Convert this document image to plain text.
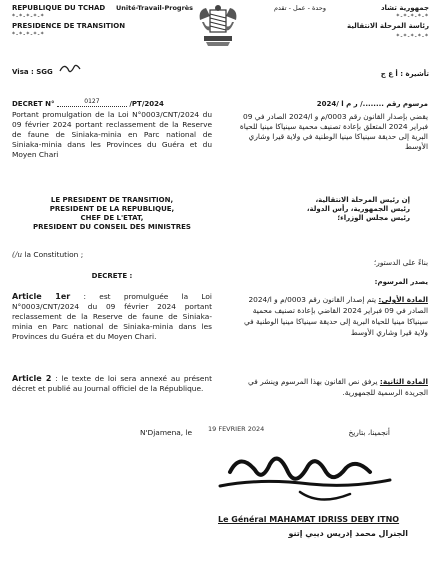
REPUBLIQUE DU TCHAD
*-*-*-*-*
PRESIDENCE DE TRANSITION
*-*-*-*-*
Unité-Travail-Progrès	وحدة - عمل - تقدم	جمهورية تشاد
*-*-*-*-*
رئاسة المرحلة الانتقالية
*-*-*-*-*
Visa : SGG	تأشيرة : أ ع ج
DECRET N°	0127	/PT/2024
Portant promulgation de la Loi N°0003/CNT/2024 du 09 février 2024 portant reclassement de la Reserve de faune de Siniaka-minia en Parc national de Siniaka-minia dans les Provinces du Guéra et du Moyen Chari
مرسوم رقم ......../ ر م ا /2024
يقضي بإصدار القانون رقم 0003/م و ا/2024 الصادر في 09 فبراير 2024 المتعلق بإعادة تصنيف محمية سينياكا مينيا للحياة البرية إلى حديقة سينياكا مينيا الوطنية في ولاية قيرا وشاري الأوسط
LE PRESIDENT DE TRANSITION,
PRESIDENT DE LA REPUBLIQUE,
CHEF DE L'ETAT,
PRESIDENT DU CONSEIL DES MINISTRES
إن رئيس المرحلة الانتقالية،
رئيس الجمهورية، رأس الدولة،
رئيس مجلس الوزراء؛
(/u la Constitution ;
بناءً على الدستور؛
DECRETE :
يصدر المرسوم:
Article 1er : est promulguée la Loi N°0003/CNT/2024 du 09 février 2024 portant reclassement de la Reserve de faune de Siniaka-minia en Parc national de Siniaka-minia dans les Provinces du Guéra et du Moyen Chari.
المادة الأولى: يتم إصدار القانون رقم 0003/م و ا/2024 الصادر في 09 فبراير 2024 القاضي بإعادة تصنيف محمية سينياكا مينيا للحياة البرية إلى حديقة سينياكا مينيا الوطنية في ولاية قيرا وشاري الأوسط
Article 2 : le texte de loi sera annexé au présent décret et publié au Journal officiel de la République.
المادة الثانية: يرفق نص القانون بهذا المرسوم وينشر في الجريدة الرسمية للجمهورية.
N'Djamena, le 19 FEVRIER 2024	أنجمينا، بتاريخ
Le Général MAHAMAT IDRISS DEBY ITNO
الجنرال محمد إدريس ديبي إتنو
